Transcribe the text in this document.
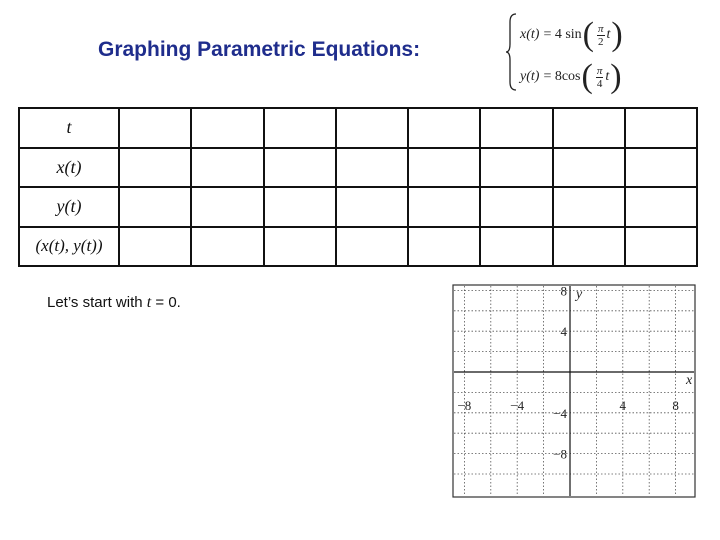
Graphing Parametric Equations:
x(t) = 4 sin ( $\frac{\pi}{2}$ t )
y(t) = 8cos ( $\frac{\pi}{4}$ t )
t								
x(t)								
y(t)								
(x(t), y(t))								
Let’s start with t = 0.
−8	−4	4	8
8
4
−4
−8
x
y
